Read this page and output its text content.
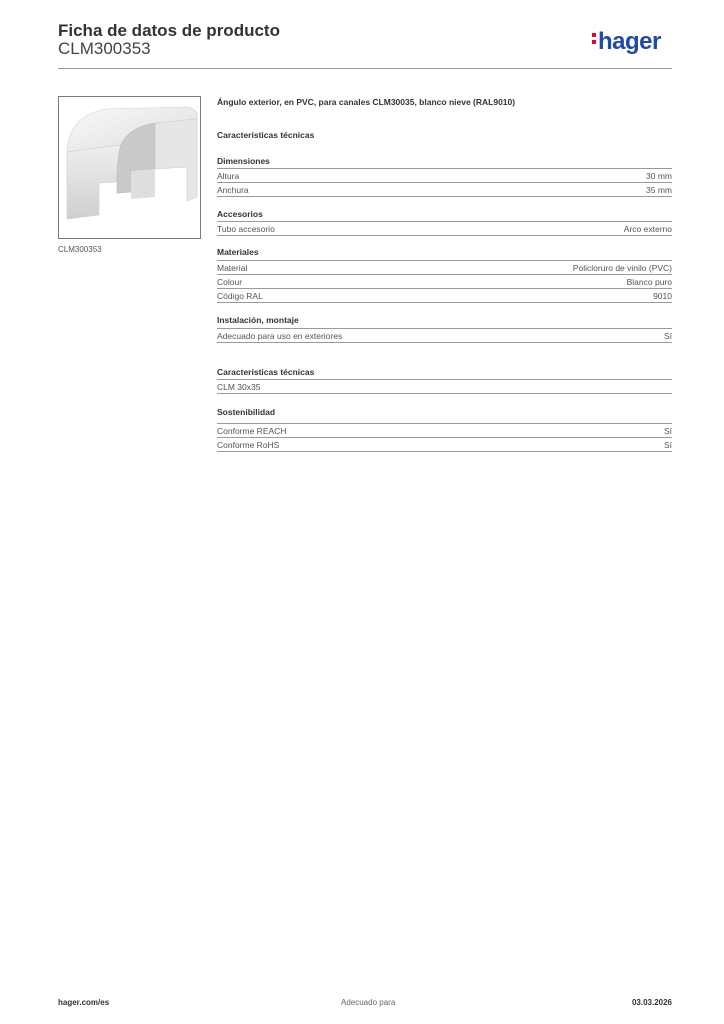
Ficha de datos de producto
CLM300353	hager
CLM300353
Ángulo exterior, en PVC, para canales CLM30035, blanco nieve (RAL9010)
Características técnicas
Dimensiones
Altura	30 mm
Anchura	35 mm
Accesorios
Tubo accesorio	Arco externo
Materiales
Material	Policloruro de vinilo (PVC)
Colour	Blanco puro
Código RAL	9010
Instalación, montaje
Adecuado para uso en exteriores	Sí
Características técnicas
CLM 30x35
Sostenibilidad
Conforme REACH	Sí
Conforme RoHS	Sí
hager.com/es	Adecuado para	03.03.2026
